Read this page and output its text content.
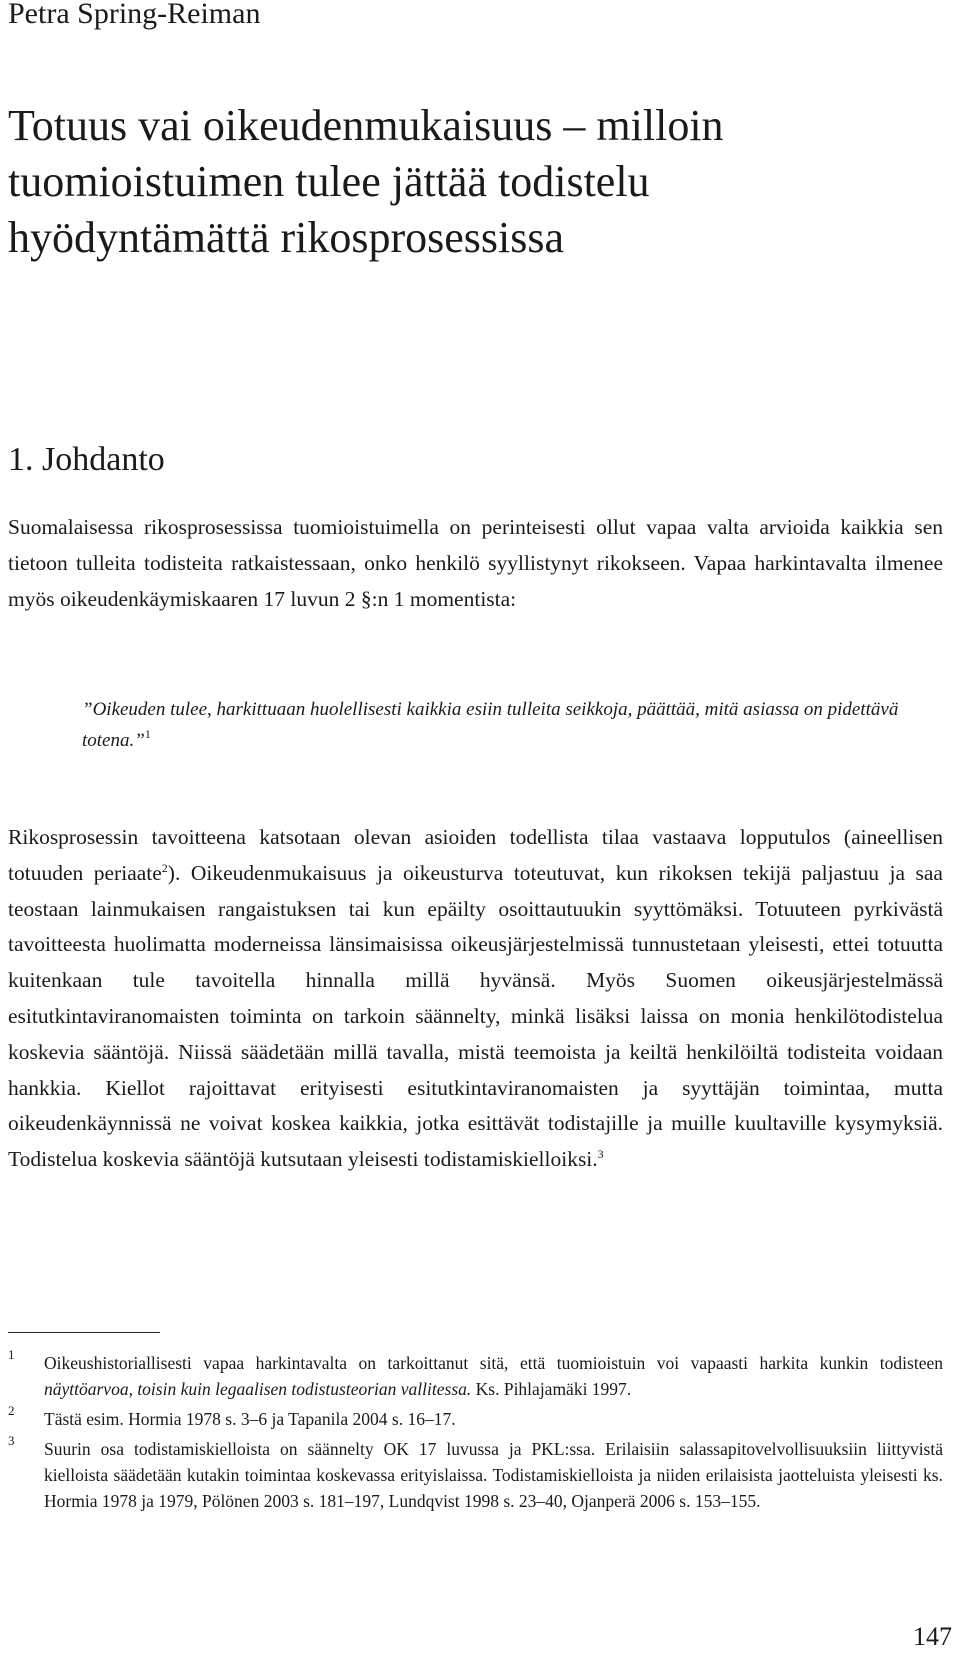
Petra Spring-Reiman
Totuus vai oikeudenmukaisuus – milloin tuomioistuimen tulee jättää todistelu hyödyntämättä rikosprosessissa
1. Johdanto

Suomalaisessa rikosprosessissa tuomioistuimella on perinteisesti ollut vapaa valta arvioida kaikkia sen tietoon tulleita todisteita ratkaistessaan, onko henkilö syyllistynyt rikokseen. Vapaa harkintavalta ilmenee myös oikeudenkäymiskaaren 17 luvun 2 §:n 1 momentista:

”Oikeuden tulee, harkittuaan huolellisesti kaikkia esiin tulleita seikkoja, päättää, mitä asiassa on pidettävä totena.”$^1$

Rikosprosessin tavoitteena katsotaan olevan asioiden todellista tilaa vastaava lopputulos (aineellisen totuuden periaate$^2$). Oikeudenmukaisuus ja oikeusturva toteutuvat, kun rikoksen tekijä paljastuu ja saa teostaan lainmukaisen rangaistuksen tai kun epäilty osoittautuukin syyttömäksi. Totuuteen pyrkivästä tavoitteesta huolimatta moderneissa länsimaisissa oikeusjärjestelmissä tunnustetaan yleisesti, ettei totuutta kuitenkaan tule tavoitella hinnalla millä hyvänsä. Myös Suomen oikeusjärjestelmässä esitutkintaviranomaisten toiminta on tarkoin säännelty, minkä lisäksi laissa on monia henkilötodistelua koskevia sääntöjä. Niissä säädetään millä tavalla, mistä teemoista ja keiltä henkilöiltä todisteita voidaan hankkia. Kiellot rajoittavat erityisesti esitutkintaviranomaisten ja syyttäjän toimintaa, mutta oikeudenkäynnissä ne voivat koskea kaikkia, jotka esittävät todistajille ja muille kuultaville kysymyksiä. Todistelua koskevia sääntöjä kutsutaan yleisesti todistamiskielloiksi.$^3$

1 Oikeushistoriallisesti vapaa harkintavalta on tarkoittanut sitä, että tuomioistuin voi vapaasti harkita kunkin todisteen näyttöarvoa, toisin kuin legaalisen todistusteorian vallitessa. Ks. Pihlajamäki 1997.
2 Tästä esim. Hormia 1978 s. 3–6 ja Tapanila 2004 s. 16–17.
3 Suurin osa todistamiskielloista on säännelty OK 17 luvussa ja PKL:ssa. Erilaisiin salassapitovelvollisuuksiin liittyvistä kielloista säädetään kutakin toimintaa koskevassa erityislaissa. Todistamiskielloista ja niiden erilaisista jaotteluista yleisesti ks. Hormia 1978 ja 1979, Pölönen 2003 s. 181–197, Lundqvist 1998 s. 23–40, Ojanperä 2006 s. 153–155.
147
